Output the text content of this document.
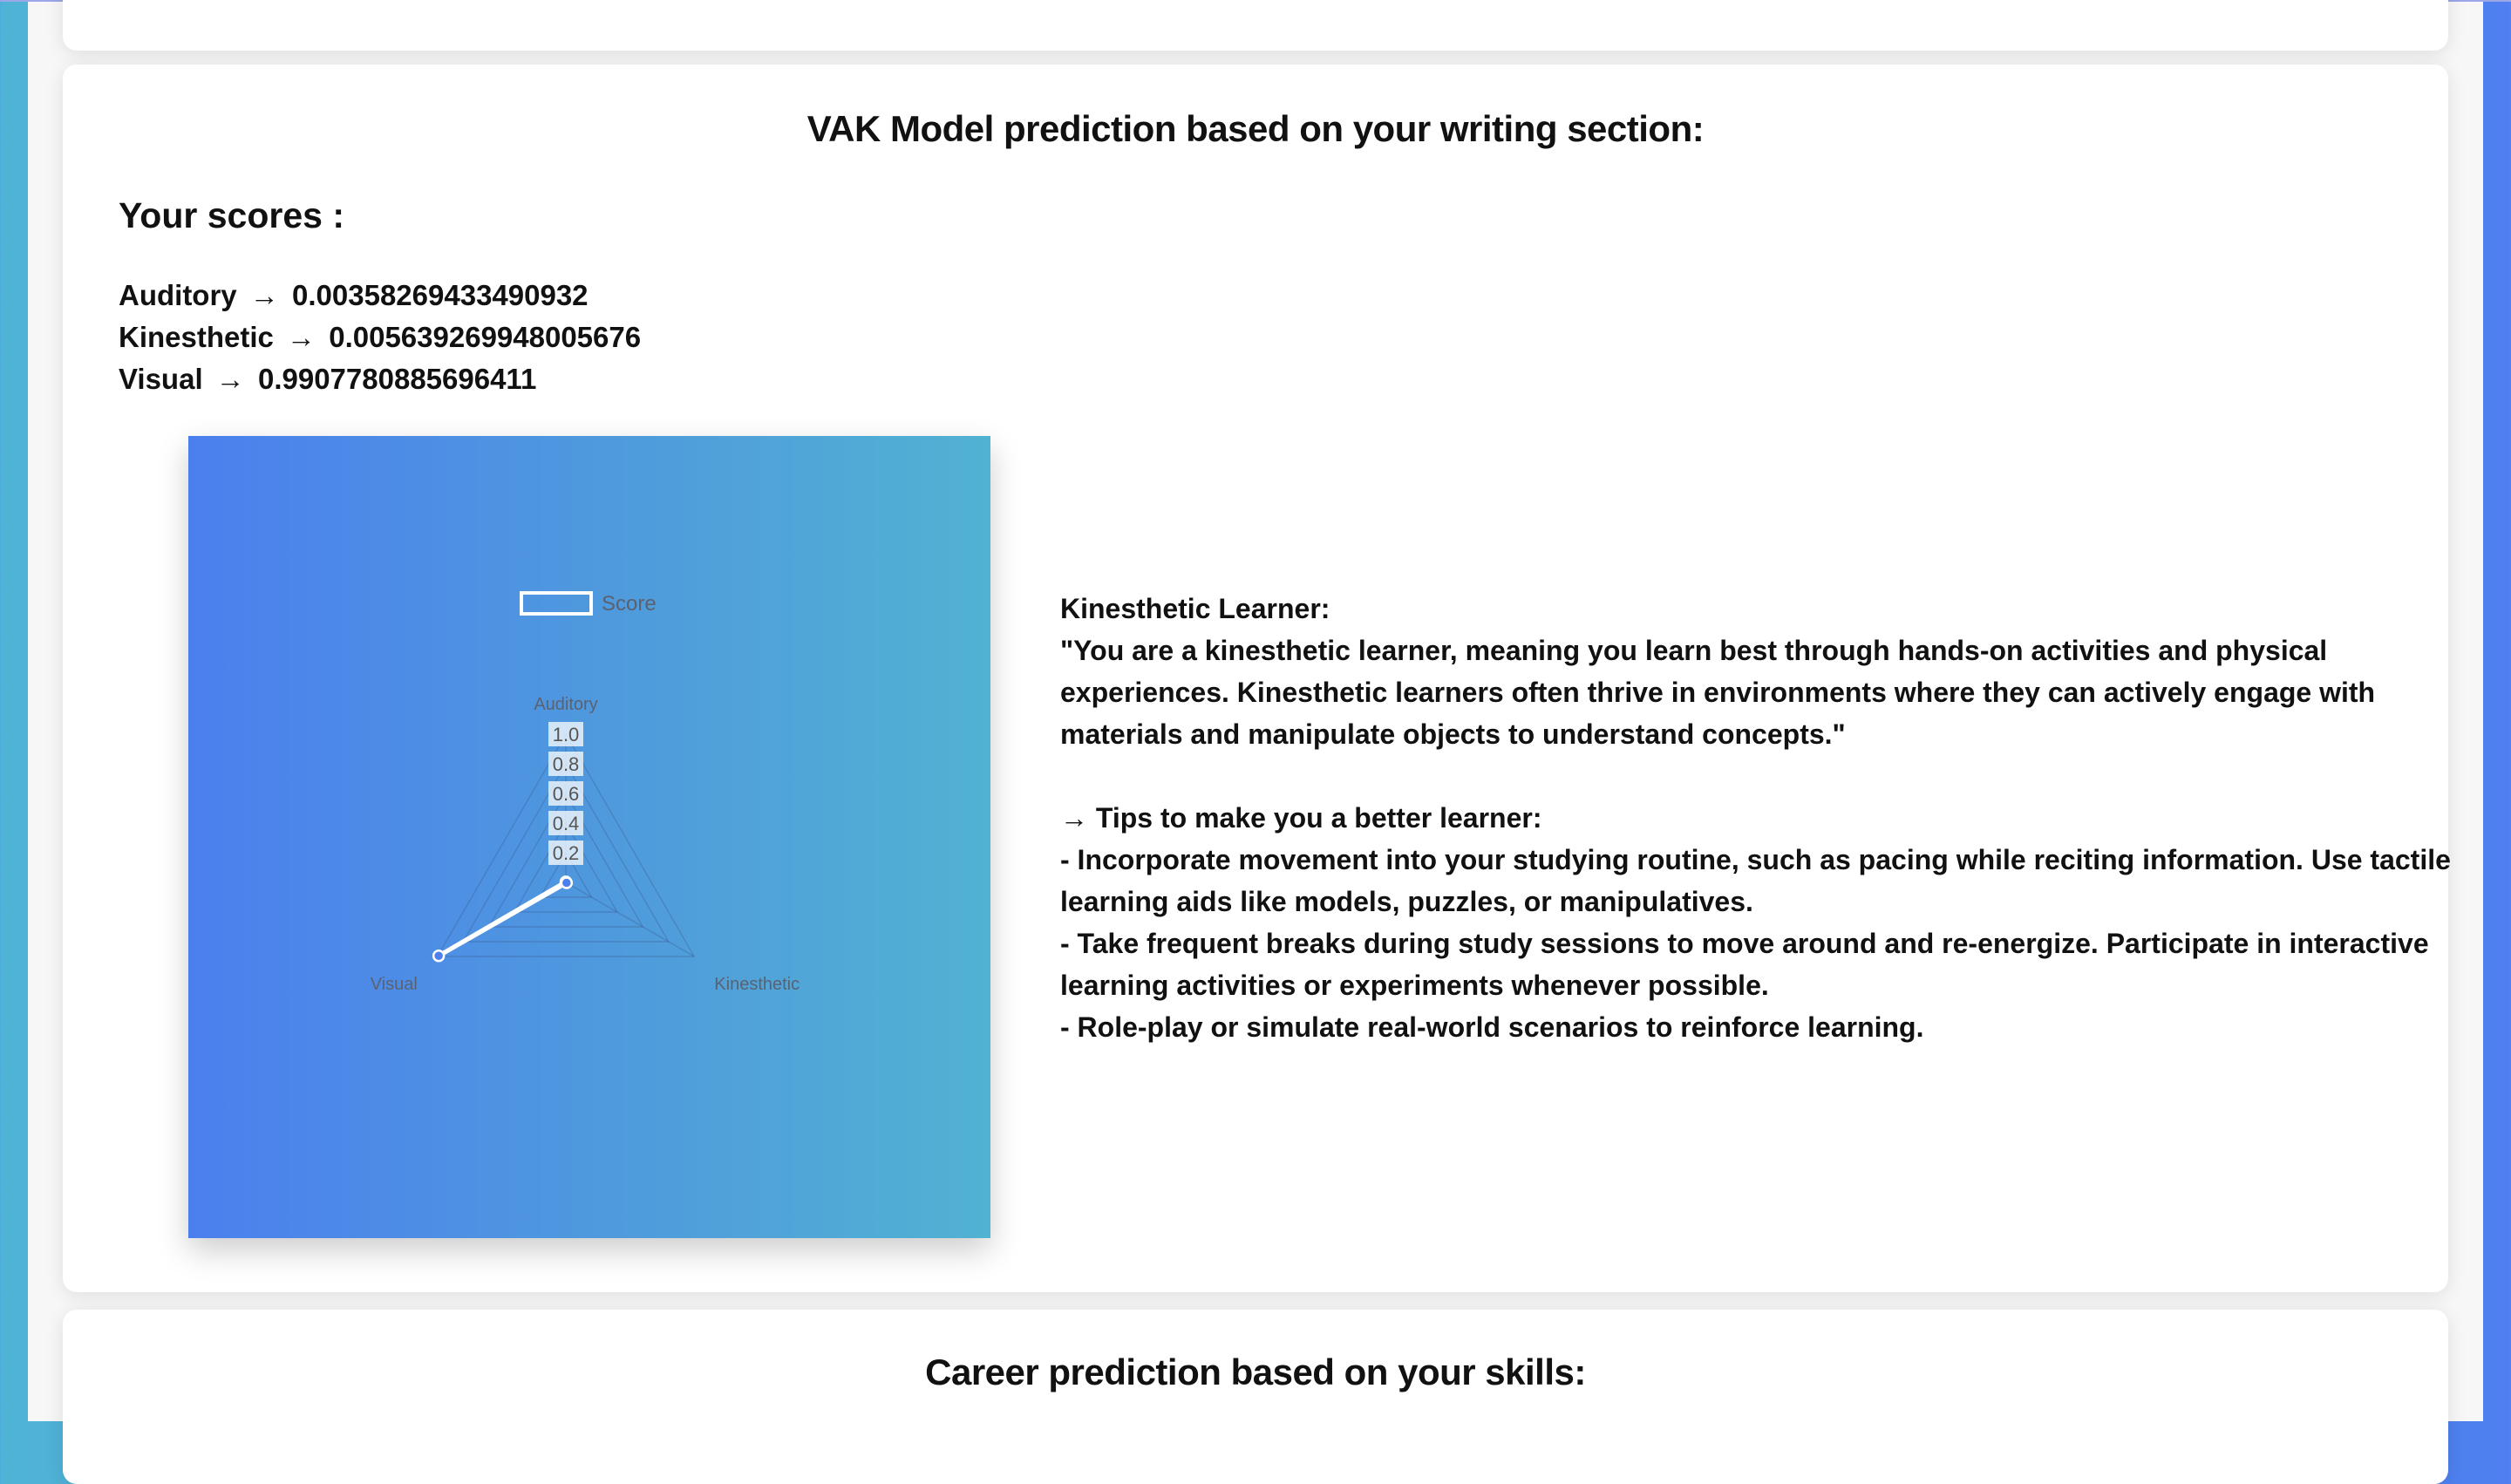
VAK Model prediction based on your writing section:
Your scores :
Auditory → 0.00358269433490932
Kinesthetic → 0.005639269948005676
Visual → 0.9907780885696411
0.2
0.4
0.6
0.8
1.0
Auditory
Kinesthetic
Visual
Score	Kinesthetic Learner:

"You are a kinesthetic learner, meaning you learn best through hands-on activities and physical experiences. Kinesthetic learners often thrive in environments where they can actively engage with materials and manipulate objects to understand concepts."

→ Tips to make you a better learner:

- Incorporate movement into your studying routine, such as pacing while reciting information. Use tactile learning aids like models, puzzles, or manipulatives.

- Take frequent breaks during study sessions to move around and re-energize. Participate in interactive learning activities or experiments whenever possible.

- Role-play or simulate real-world scenarios to reinforce learning.

Career prediction based on your skills:
